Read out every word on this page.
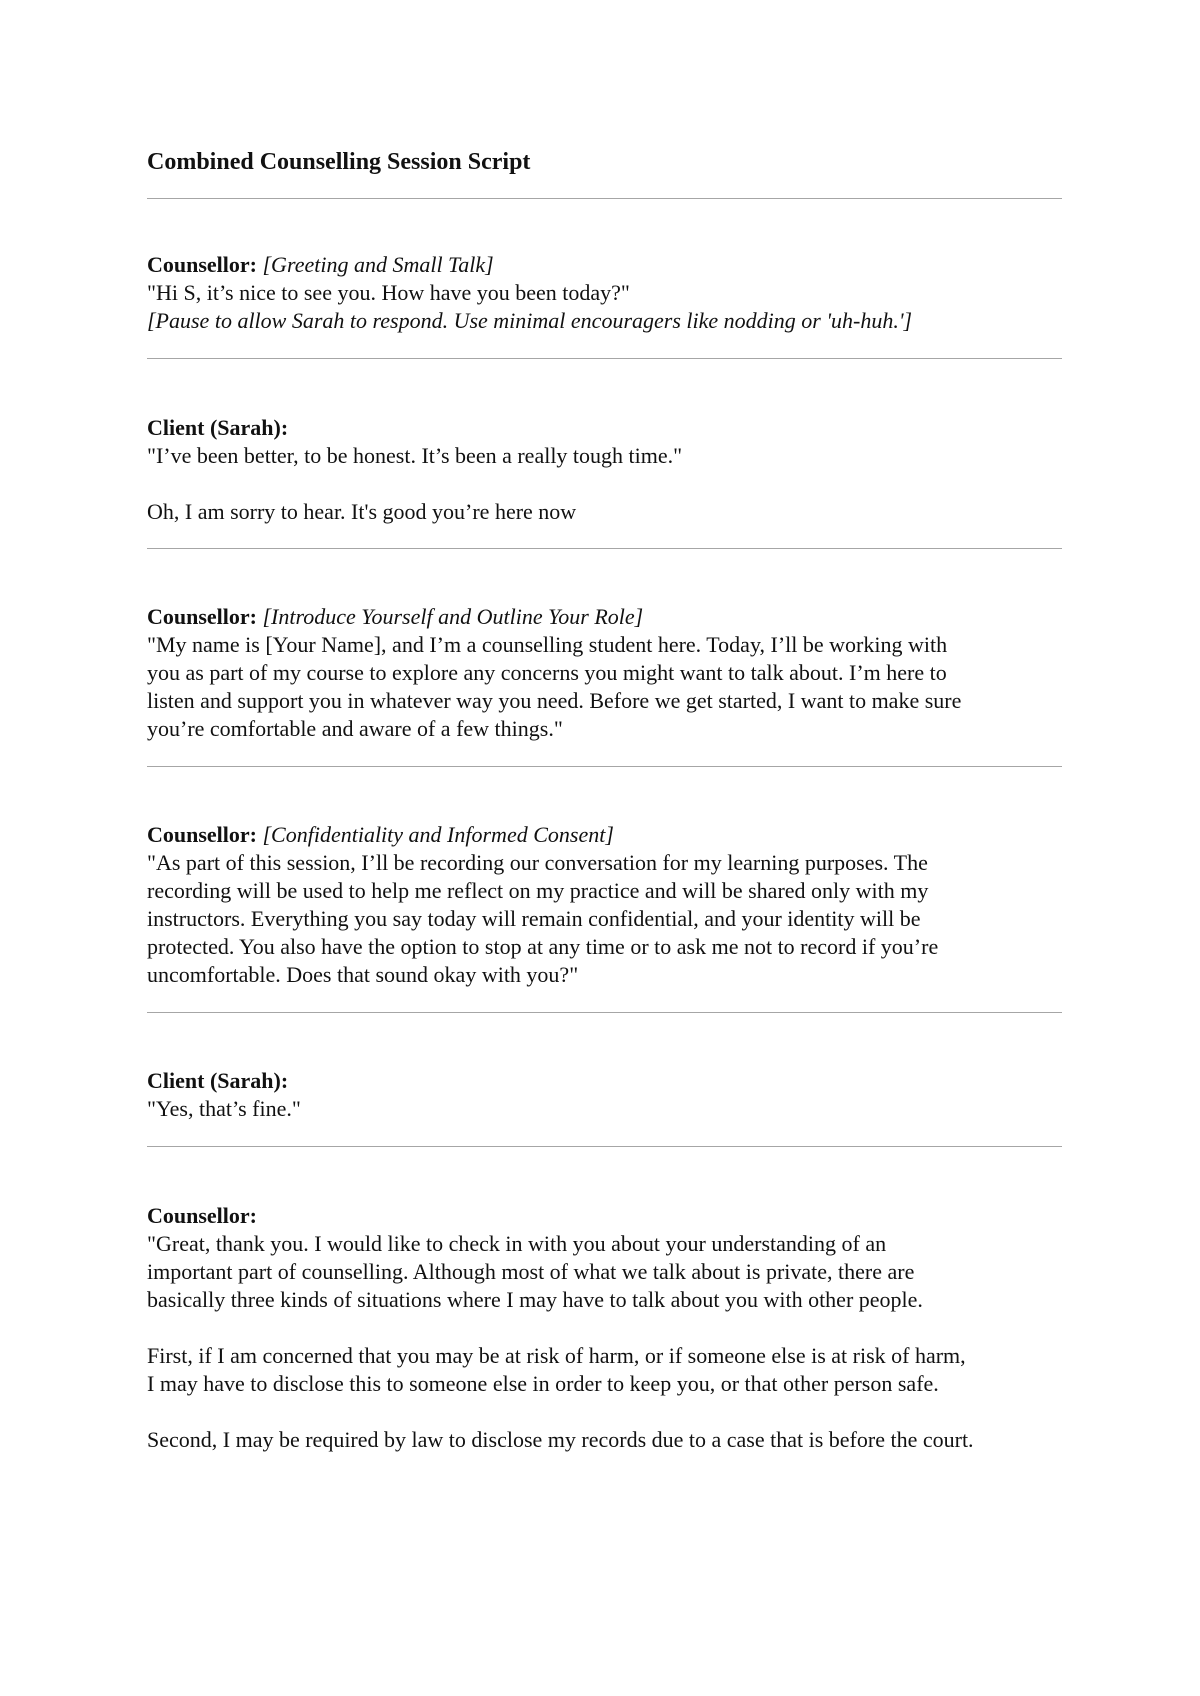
Combined Counselling Session Script

Counsellor: [Greeting and Small Talk]

"Hi S, it’s nice to see you. How have you been today?"

[Pause to allow Sarah to respond. Use minimal encouragers like nodding or 'uh-huh.']

Client (Sarah):

"I’ve been better, to be honest. It’s been a really tough time."

Oh, I am sorry to hear. It's good you’re here now

Counsellor: [Introduce Yourself and Outline Your Role]

"My name is [Your Name], and I’m a counselling student here. Today, I’ll be working with

you as part of my course to explore any concerns you might want to talk about. I’m here to

listen and support you in whatever way you need. Before we get started, I want to make sure

you’re comfortable and aware of a few things."

Counsellor: [Confidentiality and Informed Consent]

"As part of this session, I’ll be recording our conversation for my learning purposes. The

recording will be used to help me reflect on my practice and will be shared only with my

instructors. Everything you say today will remain confidential, and your identity will be

protected. You also have the option to stop at any time or to ask me not to record if you’re

uncomfortable. Does that sound okay with you?"

Client (Sarah):

"Yes, that’s fine."

Counsellor:

"Great, thank you. I would like to check in with you about your understanding of an

important part of counselling. Although most of what we talk about is private, there are

basically three kinds of situations where I may have to talk about you with other people.

First, if I am concerned that you may be at risk of harm, or if someone else is at risk of harm,

I may have to disclose this to someone else in order to keep you, or that other person safe.

Second, I may be required by law to disclose my records due to a case that is before the court.
